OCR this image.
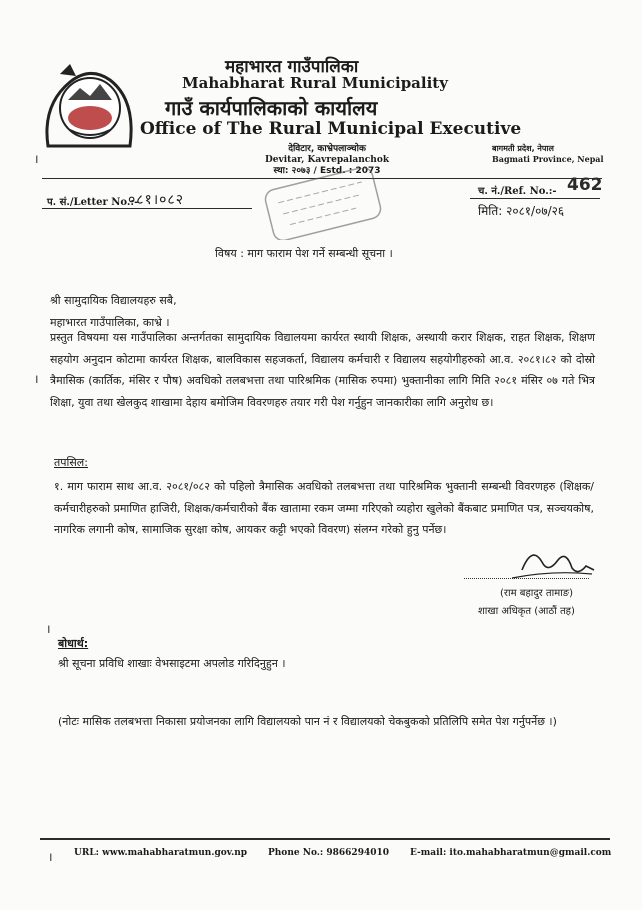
महाभारत गाउँपालिका
Mahabharat Rural Municipality
गाउँ कार्यपालिकाको कार्यालय
Office of The Rural Municipal Executive
देविटार, काभ्रेपलाञ्चोक
Devitar, Kavrepalanchok
स्था: २०७३ / Estd. : 2073
बागमती प्रदेश, नेपाल
Bagmati Province, Nepal
।
प. सं./Letter No.:-
०८१।०८२
च. नं./Ref. No.:- 462
मिति: २०८१/०७/२६
विषय : माग फाराम पेश गर्ने सम्बन्धी सूचना ।
श्री सामुदायिक विद्यालयहरु सबै,
महाभारत गाउँपालिका, काभ्रे ।
प्रस्तुत विषयमा यस गाउँपालिका अन्तर्गतका सामुदायिक विद्यालयमा कार्यरत स्थायी शिक्षक, अस्थायी करार शिक्षक, राहत शिक्षक, शिक्षण सहयोग अनुदान कोटामा कार्यरत शिक्षक, बालविकास सहजकर्ता, विद्यालय कर्मचारी र विद्यालय सहयोगीहरुको आ.व. २०८१।८२ को दोस्रो त्रैमासिक (कार्तिक, मंसिर र पौष) अवधिको तलबभत्ता तथा पारिश्रमिक (मासिक रुपमा) भुक्तानीका लागि मिति २०८१ मंसिर ०७ गते भित्र शिक्षा, युवा तथा खेलकुद शाखामा देहाय बमोजिम विवरणहरु तयार गरी पेश गर्नुहुन जानकारीका लागि अनुरोध छ।
।
तपसिल:
१. माग फाराम साथ आ.व. २०८१/०८२ को पहिलो त्रैमासिक अवधिको तलबभत्ता तथा पारिश्रमिक भुक्तानी सम्बन्धी विवरणहरु (शिक्षक/कर्मचारीहरुको प्रमाणित हाजिरी, शिक्षक/कर्मचारीको बैंक खातामा रकम जम्मा गरिएको व्यहोरा खुलेको बैंकबाट प्रमाणित पत्र, सञ्चयकोष, नागरिक लगानी कोष, सामाजिक सुरक्षा कोष, आयकर कट्टी भएको विवरण) संलग्न गरेको हुनु पर्नेछ।
(राम बहादुर तामाङ)
शाखा अधिकृत (आठौं तह)
।
बोधार्थ:
श्री सूचना प्रविधि शाखाः वेभसाइटमा अपलोड गरिदिनुहुन ।
(नोटः मासिक तलबभत्ता निकासा प्रयोजनका लागि विद्यालयको पान नं र विद्यालयको चेकबुकको प्रतिलिपि समेत पेश गर्नुपर्नेछ ।)
। URL: www.mahabharatmun.gov.np Phone No.: 9866294010 E-mail: ito.mahabharatmun@gmail.com
